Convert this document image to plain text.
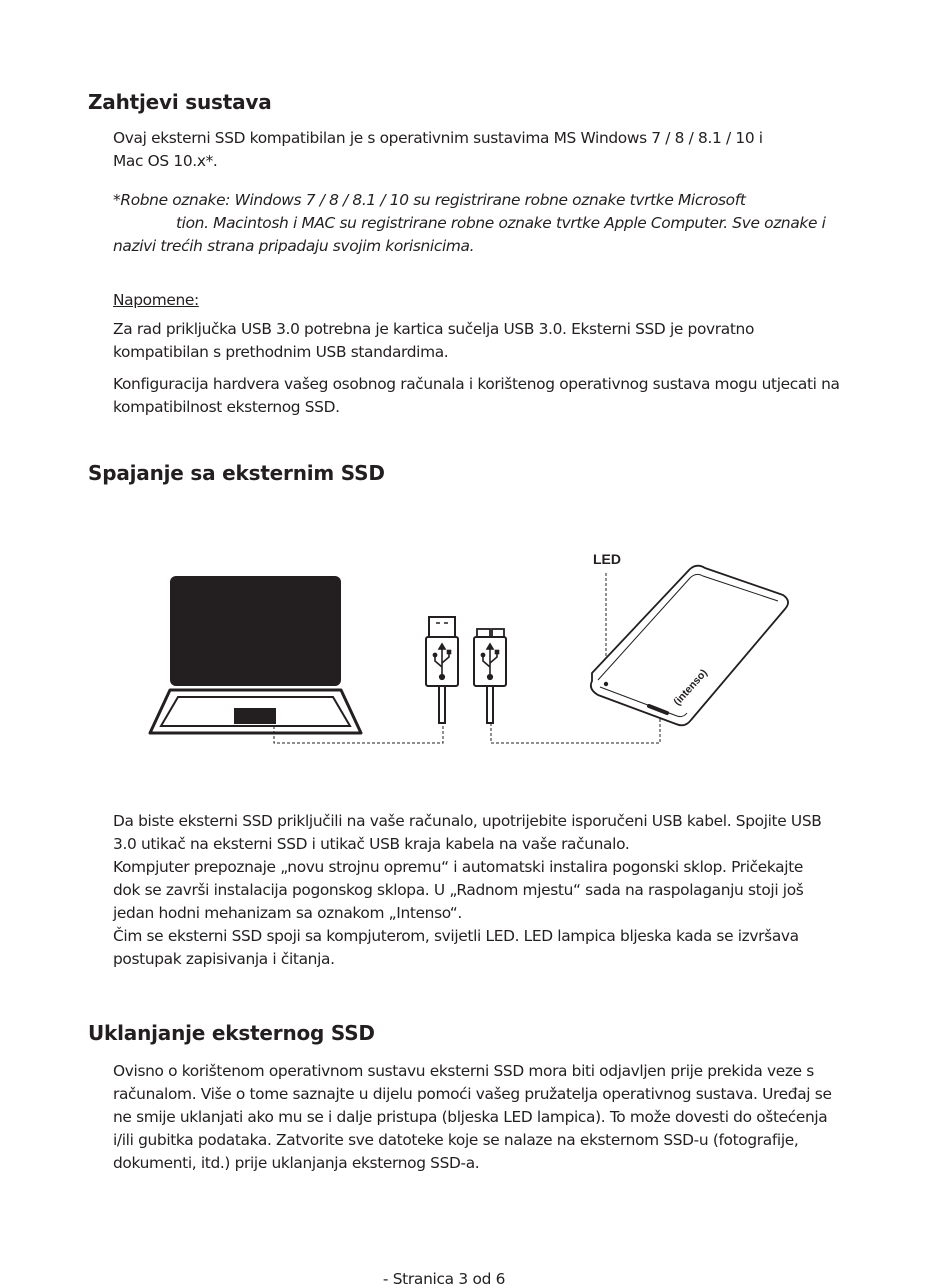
Zahtjevi sustava
Ovaj eksterni SSD kompatibilan je s operativnim sustavima MS Windows 7 / 8 / 8.1 / 10 i
Mac OS 10.x*.
*Robne oznake: Windows 7 / 8 / 8.1 / 10 su registrirane robne oznake tvrtke Microsoft
tion. Macintosh i MAC su registrirane robne oznake tvrtke Apple Computer. Sve oznake i
nazivi trećih strana pripadaju svojim korisnicima.
Napomene:
Za rad priključka USB 3.0 potrebna je kartica sučelja USB 3.0. Eksterni SSD je povratno
kompatibilan s prethodnim USB standardima.
Konfiguracija hardvera vašeg osobnog računala i korištenog operativnog sustava mogu utjecati na
kompatibilnost eksternog SSD.
Spajanje sa eksternim SSD
(intenso)
LED
Da biste eksterni SSD priključili na vaše računalo, upotrijebite isporučeni USB kabel. Spojite USB
3.0 utikač na eksterni SSD i utikač USB kraja kabela na vaše računalo.
Kompjuter prepoznaje „novu strojnu opremu“ i automatski instalira pogonski sklop. Pričekajte
dok se završi instalacija pogonskog sklopa. U „Radnom mjestu“ sada na raspolaganju stoji još
jedan hodni mehanizam sa oznakom „Intenso“.
Čim se eksterni SSD spoji sa kompjuterom, svijetli LED. LED lampica bljeska kada se izvršava
postupak zapisivanja i čitanja.
Uklanjanje eksternog SSD
Ovisno o korištenom operativnom sustavu eksterni SSD mora biti odjavljen prije prekida veze s
računalom. Više o tome saznajte u dijelu pomoći vašeg pružatelja operativnog sustava. Uređaj se
ne smije uklanjati ako mu se i dalje pristupa (bljeska LED lampica). To može dovesti do oštećenja
i/ili gubitka podataka. Zatvorite sve datoteke koje se nalaze na eksternom SSD-u (fotografije,
dokumenti, itd.) prije uklanjanja eksternog SSD-a.
- Stranica 3 od 6
